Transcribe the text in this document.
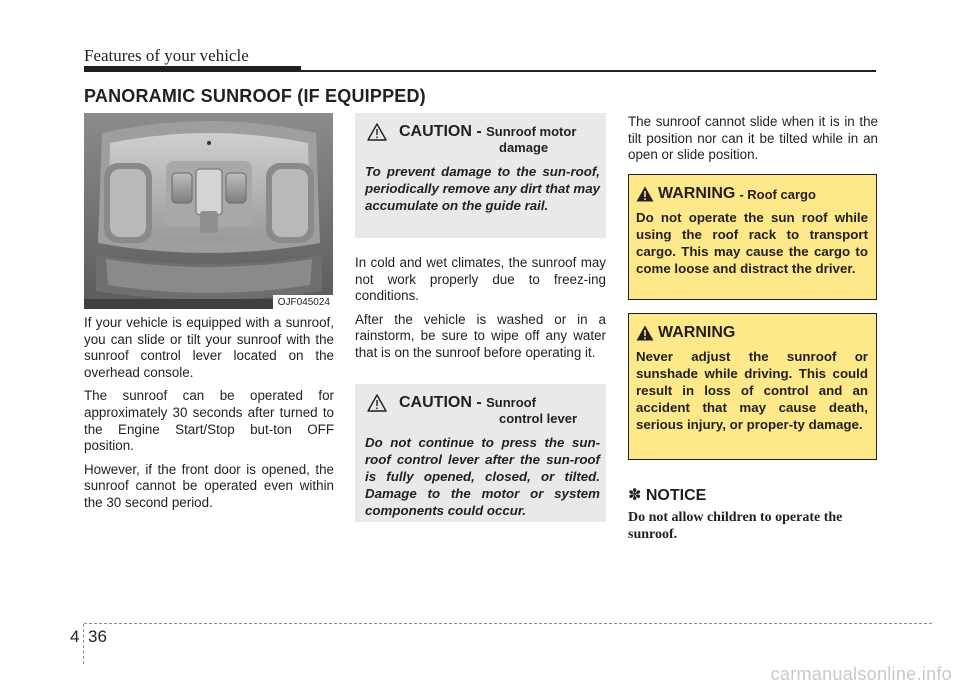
Features of your vehicle
PANORAMIC SUNROOF (IF EQUIPPED)
OJF045024

If your vehicle is equipped with a sunroof, you can slide or tilt your sunroof with the sunroof control lever located on the overhead console.

The sunroof can be operated for approximately 30 seconds after turned to the Engine Start/Stop but-ton OFF position.

However, if the front door is opened, the sunroof cannot be operated even within the 30 second period.

CAUTION - Sunroof motor
damage
To prevent damage to the sun-roof, periodically remove any dirt that may accumulate on the guide rail.

In cold and wet climates, the sunroof may not work properly due to freez-ing conditions.

After the vehicle is washed or in a rainstorm, be sure to wipe off any water that is on the sunroof before operating it.

CAUTION - Sunroof
control lever
Do not continue to press the sun-roof control lever after the sun-roof is fully opened, closed, or tilted. Damage to the motor or system components could occur.

The sunroof cannot slide when it is in the tilt position nor can it be tilted while in an open or slide position.

WARNING - Roof cargo
Do not operate the sun roof while using the roof rack to transport cargo. This may cause the cargo to come loose and distract the driver.
WARNING
Never adjust the sunroof or sunshade while driving. This could result in loss of control and an accident that may cause death, serious injury, or proper-ty damage.
✽ NOTICE
Do not allow children to operate the sunroof.
4 36
carmanualsonline.info
